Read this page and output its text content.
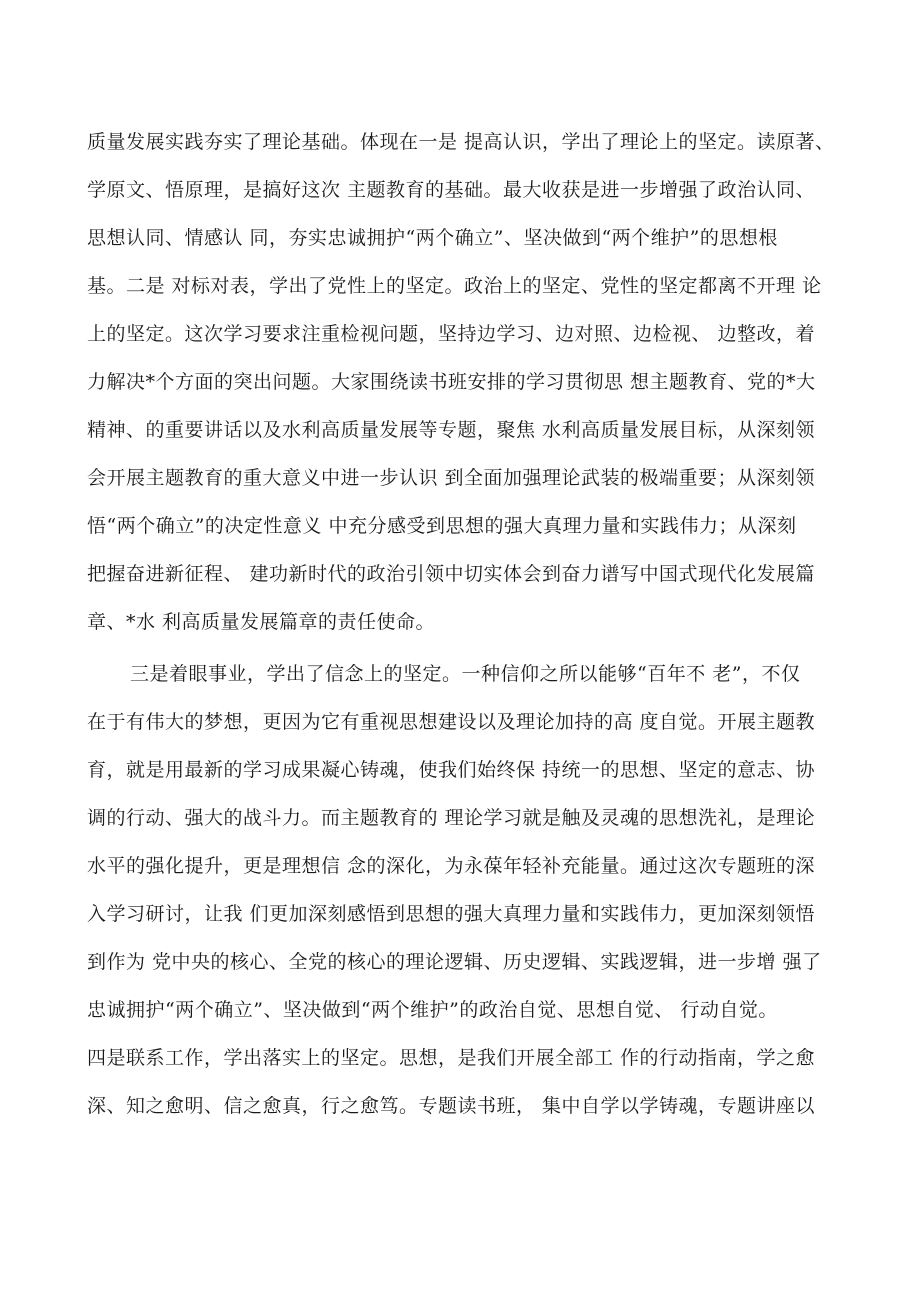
质量发展实践夯实了理论基础。体现在一是 提高认识，学出了理论上的坚定。读原著、
学原文、悟原理，是搞好这次 主题教育的基础。最大收获是进一步增强了政治认同、
思想认同、情感认 同，夯实忠诚拥护“两个确立”、坚决做到“两个维护”的思想根
基。二是 对标对表，学出了党性上的坚定。政治上的坚定、党性的坚定都离不开理 论
上的坚定。这次学习要求注重检视问题，坚持边学习、边对照、边检视、 边整改，着
力解决*个方面的突出问题。大家围绕读书班安排的学习贯彻思 想主题教育、党的*大
精神、的重要讲话以及水利高质量发展等专题，聚焦 水利高质量发展目标，从深刻领
会开展主题教育的重大意义中进一步认识 到全面加强理论武装的极端重要；从深刻领
悟“两个确立”的决定性意义 中充分感受到思想的强大真理力量和实践伟力；从深刻
把握奋进新征程、 建功新时代的政治引领中切实体会到奋力谱写中国式现代化发展篇
章、*水 利高质量发展篇章的责任使命。
三是着眼事业，学出了信念上的坚定。一种信仰之所以能够“百年不 老”，不仅
在于有伟大的梦想，更因为它有重视思想建设以及理论加持的高 度自觉。开展主题教
育，就是用最新的学习成果凝心铸魂，使我们始终保 持统一的思想、坚定的意志、协
调的行动、强大的战斗力。而主题教育的 理论学习就是触及灵魂的思想洗礼，是理论
水平的强化提升，更是理想信 念的深化，为永葆年轻补充能量。通过这次专题班的深
入学习研讨，让我 们更加深刻感悟到思想的强大真理力量和实践伟力，更加深刻领悟
到作为 党中央的核心、全党的核心的理论逻辑、历史逻辑、实践逻辑，进一步增 强了
忠诚拥护“两个确立”、坚决做到“两个维护”的政治自觉、思想自觉、 行动自觉。
四是联系工作，学出落实上的坚定。思想，是我们开展全部工 作的行动指南，学之愈
深、知之愈明、信之愈真，行之愈笃。专题读书班， 集中自学以学铸魂，专题讲座以
